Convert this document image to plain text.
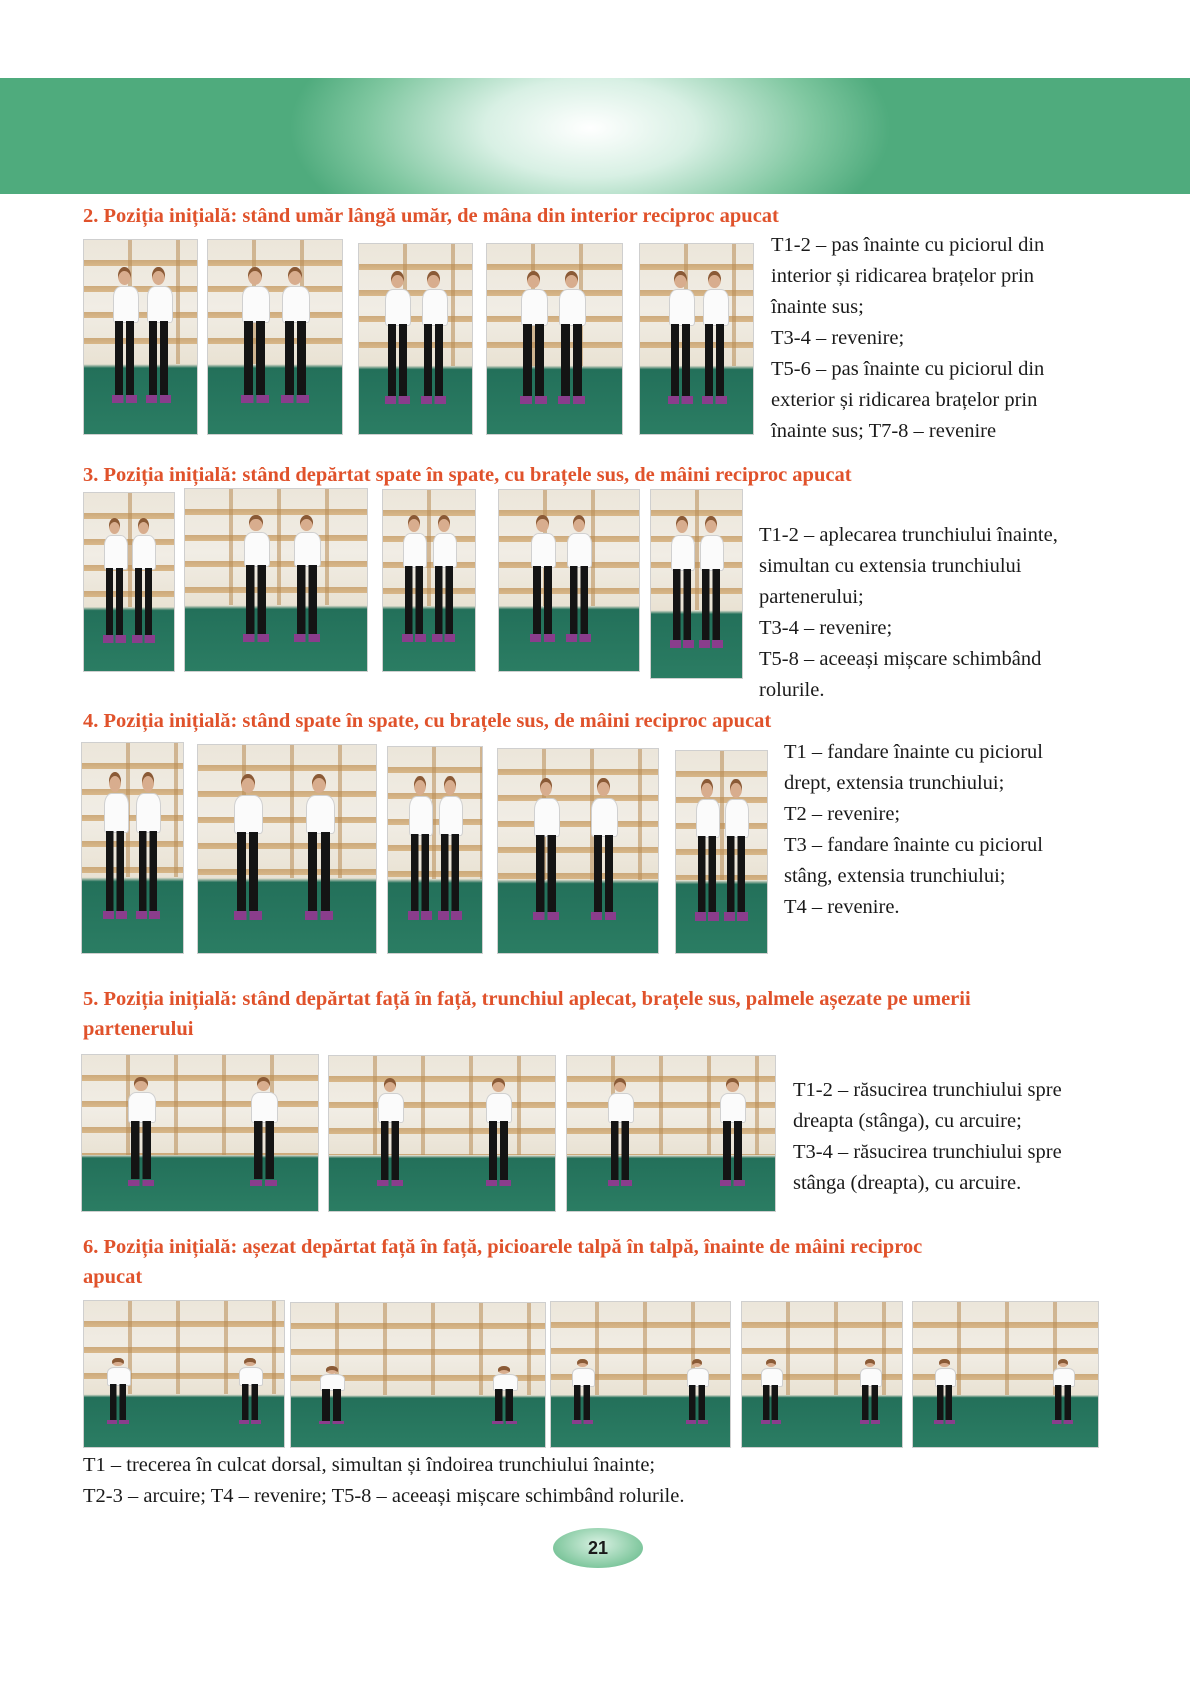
2. Poziția inițială: stând umăr lângă umăr, de mâna din interior reciproc apucat

T1-2 – pas înainte cu piciorul din
interior și ridicarea brațelor prin
înainte sus;
T3-4 – revenire;
T5-6 – pas înainte cu piciorul din
exterior și ridicarea brațelor prin
înainte sus; T7-8 – revenire

3. Poziția inițială: stând depărtat spate în spate, cu brațele sus, de mâini reciproc apucat

T1-2 – aplecarea trunchiului înainte,
simultan cu extensia trunchiului
partenerului;
T3-4 – revenire;
T5-8 – aceeași mișcare schimbând
rolurile.

4. Poziția inițială: stând spate în spate, cu brațele sus, de mâini reciproc apucat

T1 – fandare înainte cu piciorul
drept, extensia trunchiului;
T2 – revenire;
T3 – fandare înainte cu piciorul
stâng, extensia trunchiului;
T4 – revenire.

5. Poziția inițială: stând depărtat față în față, trunchiul aplecat, brațele sus, palmele așezate pe umerii
partenerului

T1-2 – răsucirea trunchiului spre
dreapta (stânga), cu arcuire;
T3-4 – răsucirea trunchiului spre
stânga (dreapta), cu arcuire.

6. Poziția inițială: așezat depărtat față în față, picioarele talpă în talpă, înainte de mâini reciproc
apucat

T1 – trecerea în culcat dorsal, simultan și îndoirea trunchiului înainte;
T2-3 – arcuire; T4 – revenire; T5-8 – aceeași mișcare schimbând rolurile.
21
